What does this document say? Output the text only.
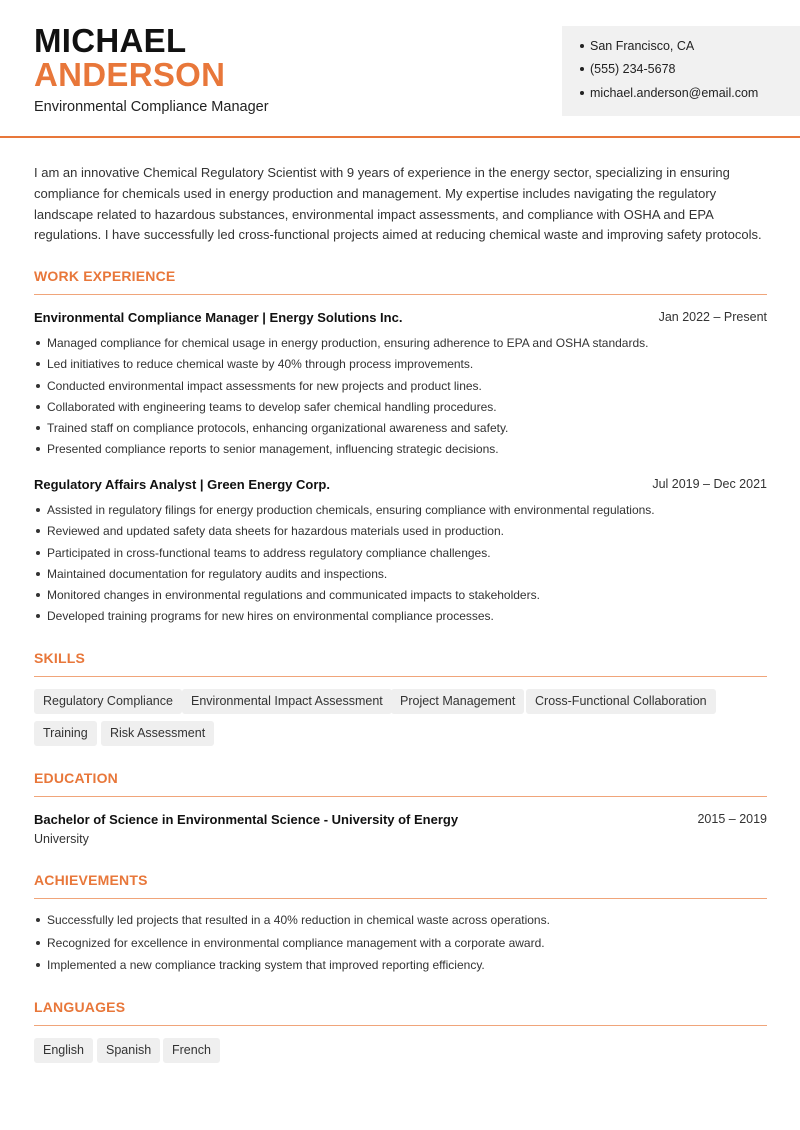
MICHAEL
ANDERSON
Environmental Compliance Manager
San Francisco, CA
(555) 234-5678
michael.anderson@email.com
I am an innovative Chemical Regulatory Scientist with 9 years of experience in the energy sector, specializing in ensuring compliance for chemicals used in energy production and management. My expertise includes navigating the regulatory landscape related to hazardous substances, environmental impact assessments, and compliance with OSHA and EPA regulations. I have successfully led cross-functional projects aimed at reducing chemical waste and improving safety protocols.
WORK EXPERIENCE
Environmental Compliance Manager | Energy Solutions Inc.	Jan 2022 – Present
Managed compliance for chemical usage in energy production, ensuring adherence to EPA and OSHA standards.
Led initiatives to reduce chemical waste by 40% through process improvements.
Conducted environmental impact assessments for new projects and product lines.
Collaborated with engineering teams to develop safer chemical handling procedures.
Trained staff on compliance protocols, enhancing organizational awareness and safety.
Presented compliance reports to senior management, influencing strategic decisions.
Regulatory Affairs Analyst | Green Energy Corp.	Jul 2019 – Dec 2021
Assisted in regulatory filings for energy production chemicals, ensuring compliance with environmental regulations.
Reviewed and updated safety data sheets for hazardous materials used in production.
Participated in cross-functional teams to address regulatory compliance challenges.
Maintained documentation for regulatory audits and inspections.
Monitored changes in environmental regulations and communicated impacts to stakeholders.
Developed training programs for new hires on environmental compliance processes.
SKILLS
Regulatory Compliance	Environmental Impact Assessment	Project Management	Cross-Functional Collaboration
Training	Risk Assessment
EDUCATION
Bachelor of Science in Environmental Science - University of Energy	2015 – 2019
University
ACHIEVEMENTS
Successfully led projects that resulted in a 40% reduction in chemical waste across operations.
Recognized for excellence in environmental compliance management with a corporate award.
Implemented a new compliance tracking system that improved reporting efficiency.
LANGUAGES
English	Spanish	French
